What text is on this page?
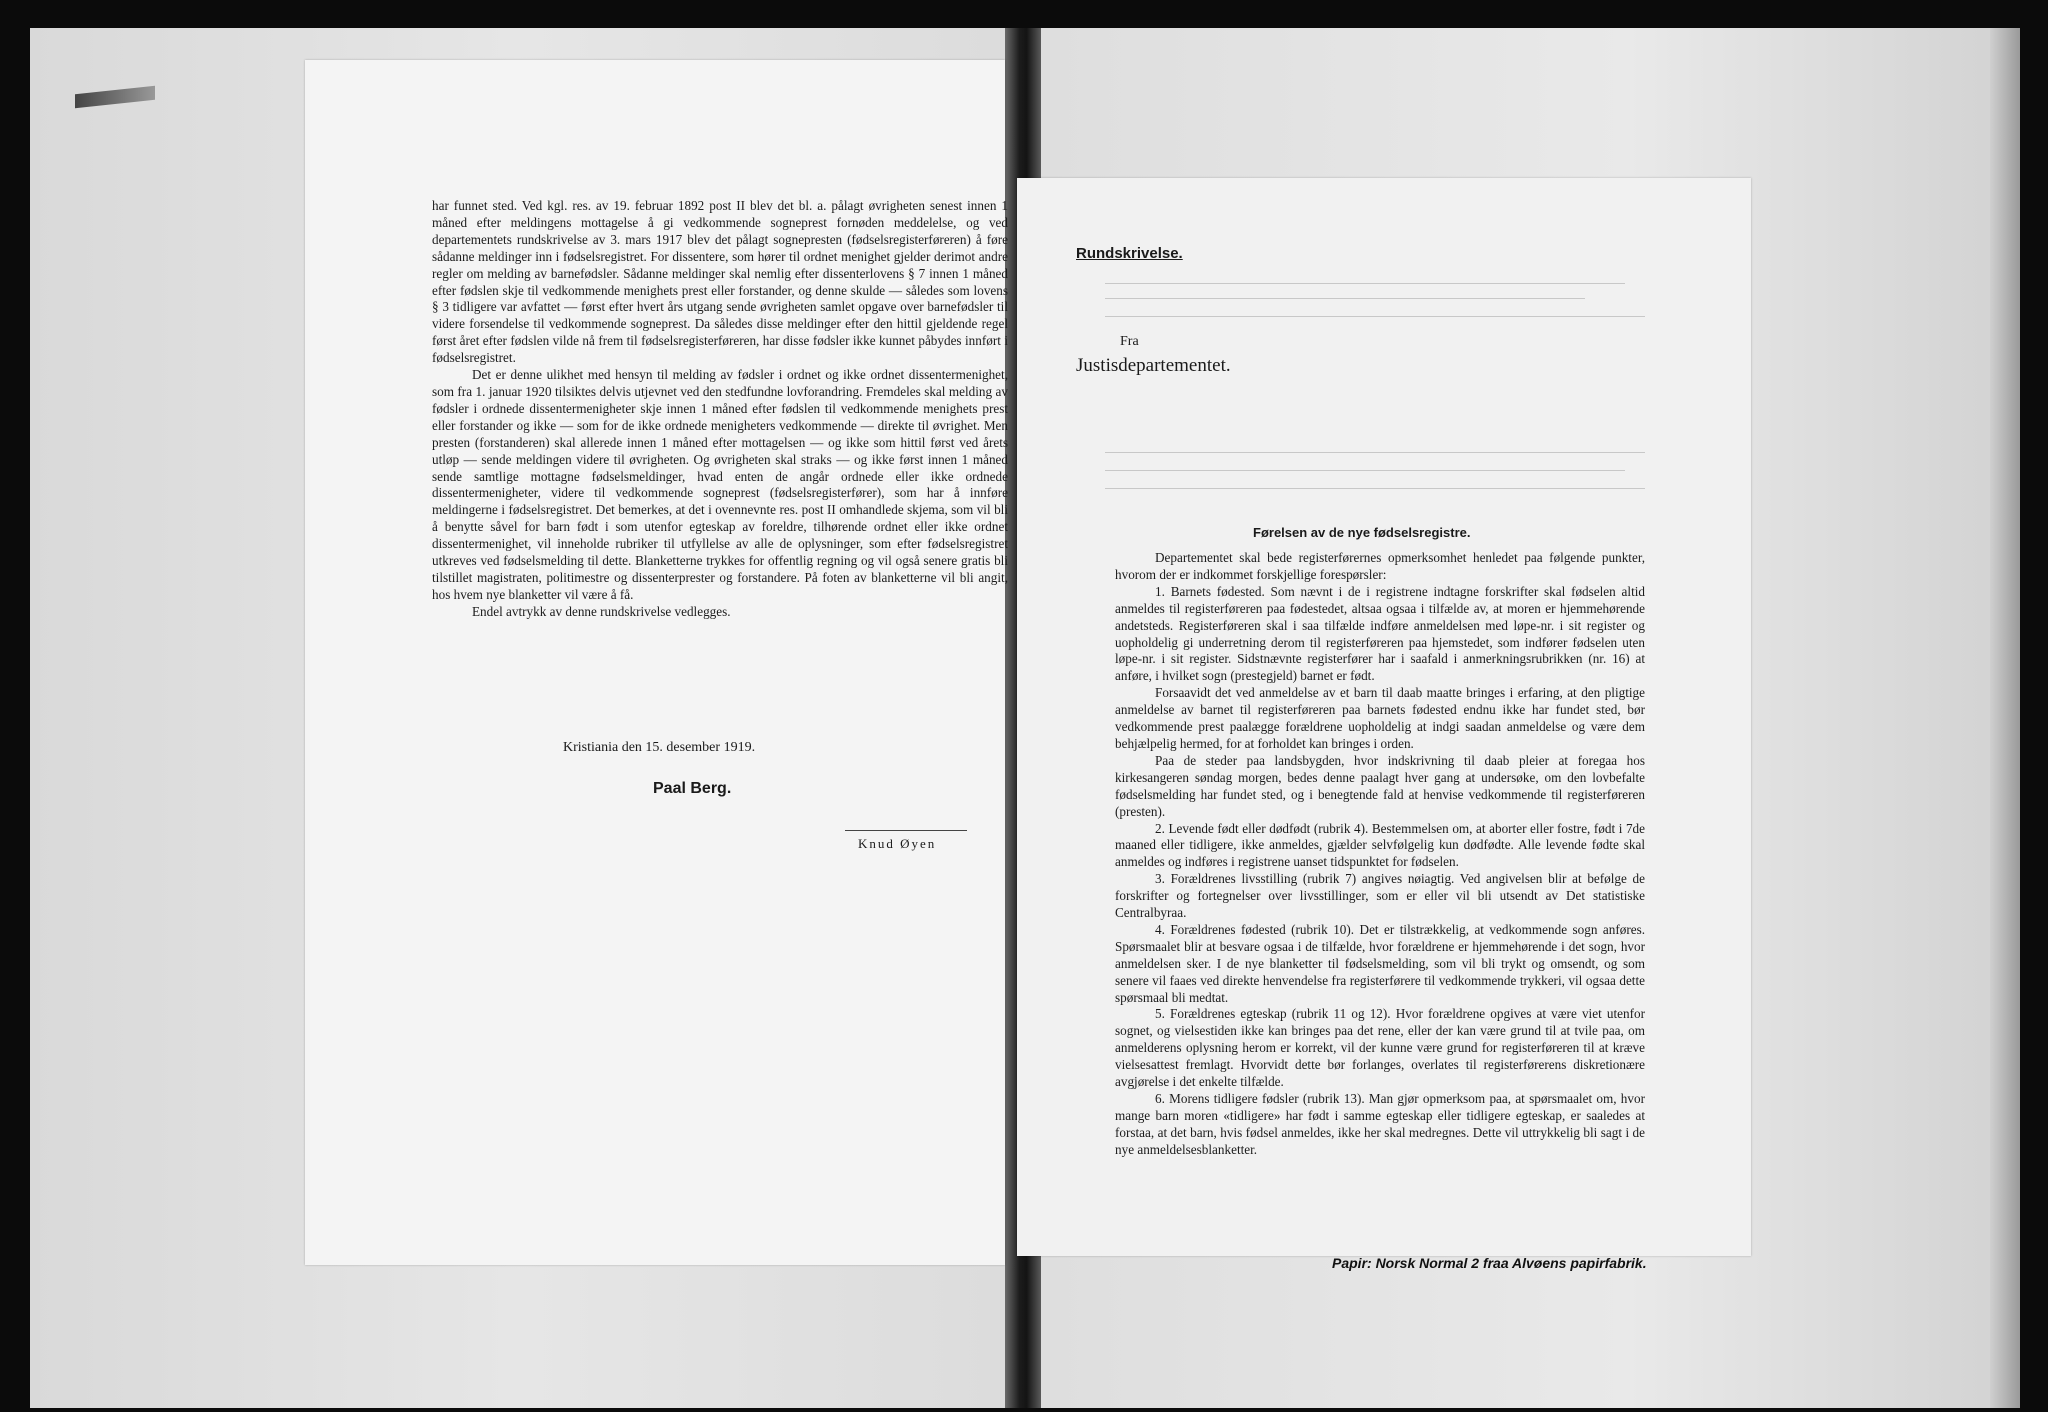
har funnet sted. Ved kgl. res. av 19. februar 1892 post II blev det bl. a. pålagt øvrigheten senest innen 1 måned efter meldingens mottagelse å gi vedkommende sogneprest fornøden meddelelse, og ved departementets rundskrivelse av 3. mars 1917 blev det pålagt sognepresten (fødselsregisterføreren) å føre sådanne meldinger inn i fødselsregistret. For dissentere, som hører til ordnet menighet gjelder derimot andre regler om melding av barnefødsler. Sådanne meldinger skal nemlig efter dissenterlovens § 7 innen 1 måned efter fødslen skje til vedkommende menighets prest eller forstander, og denne skulde — således som lovens § 3 tidligere var avfattet — først efter hvert års utgang sende øvrigheten samlet opgave over barnefødsler til videre forsendelse til vedkommende sogneprest. Da således disse meldinger efter den hittil gjeldende regel først året efter fødslen vilde nå frem til fødselsregisterføreren, har disse fødsler ikke kunnet påbydes innført i fødselsregistret.

Det er denne ulikhet med hensyn til melding av fødsler i ordnet og ikke ordnet dissentermenighet, som fra 1. januar 1920 tilsiktes delvis utjevnet ved den stedfundne lovforandring. Fremdeles skal melding av fødsler i ordnede dissentermenigheter skje innen 1 måned efter fødslen til vedkommende menighets prest eller forstander og ikke — som for de ikke ordnede menigheters vedkommende — direkte til øvrighet. Men presten (forstanderen) skal allerede innen 1 måned efter mottagelsen — og ikke som hittil først ved årets utløp — sende meldingen videre til øvrigheten. Og øvrigheten skal straks — og ikke først innen 1 måned sende samtlige mottagne fødselsmeldinger, hvad enten de angår ordnede eller ikke ordnede dissentermenigheter, videre til vedkommende sogneprest (fødselsregisterfører), som har å innføre meldingerne i fødselsregistret. Det bemerkes, at det i ovennevnte res. post II omhandlede skjema, som vil bli å benytte såvel for barn født i som utenfor egteskap av foreldre, tilhørende ordnet eller ikke ordnet dissentermenighet, vil inneholde rubriker til utfyllelse av alle de oplysninger, som efter fødselsregistret utkreves ved fødselsmelding til dette. Blanketterne trykkes for offentlig regning og vil også senere gratis bli tilstillet magistraten, politimestre og dissenterprester og forstandere. På foten av blanketterne vil bli angit, hos hvem nye blanketter vil være å få.

Endel avtrykk av denne rundskrivelse vedlegges.

Kristiania den 15. desember 1919.
Paal Berg.
Knud Øyen
Rundskrivelse.
Fra
Justisdepartementet.
Førelsen av de nye fødselsregistre.

Departementet skal bede registerførernes opmerksomhet henledet paa følgende punkter, hvorom der er indkommet forskjellige forespørsler:

1. Barnets fødested. Som nævnt i de i registrene indtagne forskrifter skal fødselen altid anmeldes til registerføreren paa fødestedet, altsaa ogsaa i tilfælde av, at moren er hjemmehørende andetsteds. Registerføreren skal i saa tilfælde indføre anmeldelsen med løpe-nr. i sit register og uopholdelig gi underretning derom til registerføreren paa hjemstedet, som indfører fødselen uten løpe-nr. i sit register. Sidstnævnte registerfører har i saafald i anmerkningsrubrikken (nr. 16) at anføre, i hvilket sogn (prestegjeld) barnet er født.

Forsaavidt det ved anmeldelse av et barn til daab maatte bringes i erfaring, at den pligtige anmeldelse av barnet til registerføreren paa barnets fødested endnu ikke har fundet sted, bør vedkommende prest paalægge forældrene uopholdelig at indgi saadan anmeldelse og være dem behjælpelig hermed, for at forholdet kan bringes i orden.

Paa de steder paa landsbygden, hvor indskrivning til daab pleier at foregaa hos kirkesangeren søndag morgen, bedes denne paalagt hver gang at undersøke, om den lovbefalte fødselsmelding har fundet sted, og i benegtende fald at henvise vedkommende til registerføreren (presten).

2. Levende født eller dødfødt (rubrik 4). Bestemmelsen om, at aborter eller fostre, født i 7de maaned eller tidligere, ikke anmeldes, gjælder selvfølgelig kun dødfødte. Alle levende fødte skal anmeldes og indføres i registrene uanset tidspunktet for fødselen.

3. Forældrenes livsstilling (rubrik 7) angives nøiagtig. Ved angivelsen blir at befølge de forskrifter og fortegnelser over livsstillinger, som er eller vil bli utsendt av Det statistiske Centralbyraa.

4. Forældrenes fødested (rubrik 10). Det er tilstrækkelig, at vedkommende sogn anføres. Spørsmaalet blir at besvare ogsaa i de tilfælde, hvor forældrene er hjemmehørende i det sogn, hvor anmeldelsen sker. I de nye blanketter til fødselsmelding, som vil bli trykt og omsendt, og som senere vil faaes ved direkte henvendelse fra registerførere til vedkommende trykkeri, vil ogsaa dette spørsmaal bli medtat.

5. Forældrenes egteskap (rubrik 11 og 12). Hvor forældrene opgives at være viet utenfor sognet, og vielsestiden ikke kan bringes paa det rene, eller der kan være grund til at tvile paa, om anmelderens oplysning herom er korrekt, vil der kunne være grund for registerføreren til at kræve vielsesattest fremlagt. Hvorvidt dette bør forlanges, overlates til registerførerens diskretionære avgjørelse i det enkelte tilfælde.

6. Morens tidligere fødsler (rubrik 13). Man gjør opmerksom paa, at spørsmaalet om, hvor mange barn moren «tidligere» har født i samme egteskap eller tidligere egteskap, er saaledes at forstaa, at det barn, hvis fødsel anmeldes, ikke her skal medregnes. Dette vil uttrykkelig bli sagt i de nye anmeldelsesblanketter.

Papir: Norsk Normal 2 fraa Alvøens papirfabrik.
